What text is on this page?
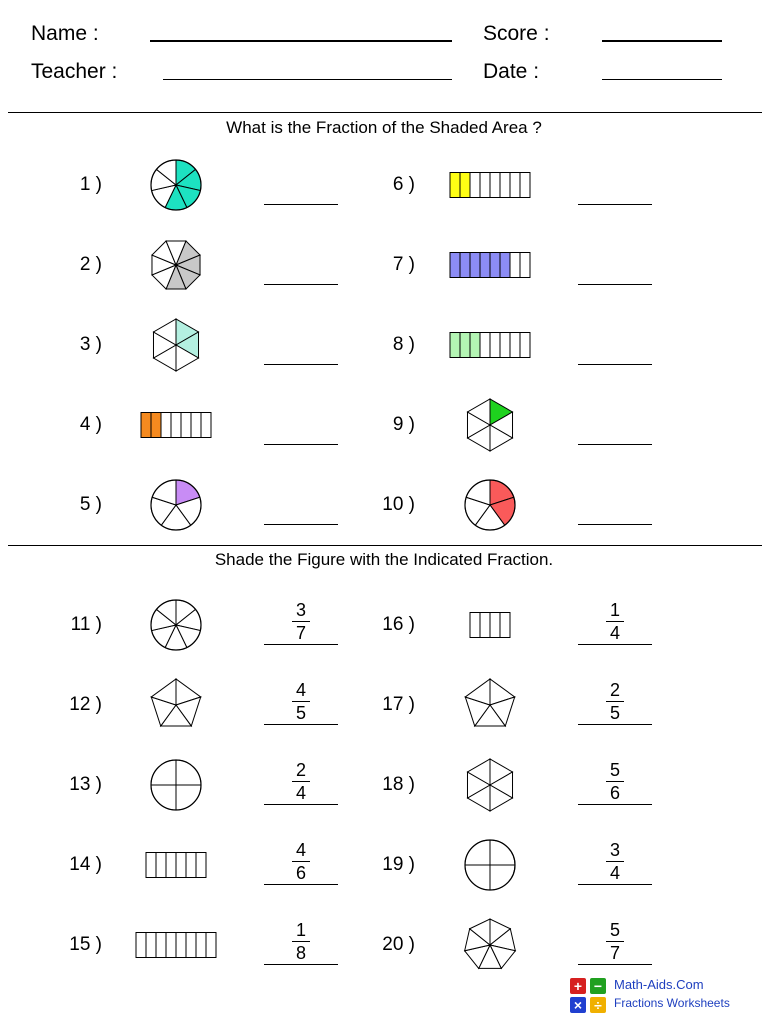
Name :
Teacher :
Score :
Date :
What is the Fraction of the Shaded Area ?
Shade the Figure with the Indicated Fraction.
1 )
2 )
3 )
4 )
5 )
6 )
7 )
8 )
9 )
10 )
11 )	$\frac{3}{7}$
12 )	$\frac{4}{5}$
13 )	$\frac{2}{4}$
14 )	$\frac{4}{6}$
15 )	$\frac{1}{8}$
16 )	$\frac{1}{4}$
17 )	$\frac{2}{5}$
18 )	$\frac{5}{6}$
19 )	$\frac{3}{4}$
20 )	$\frac{5}{7}$
+ −
× ÷
Math-Aids.Com
Fractions Worksheets
